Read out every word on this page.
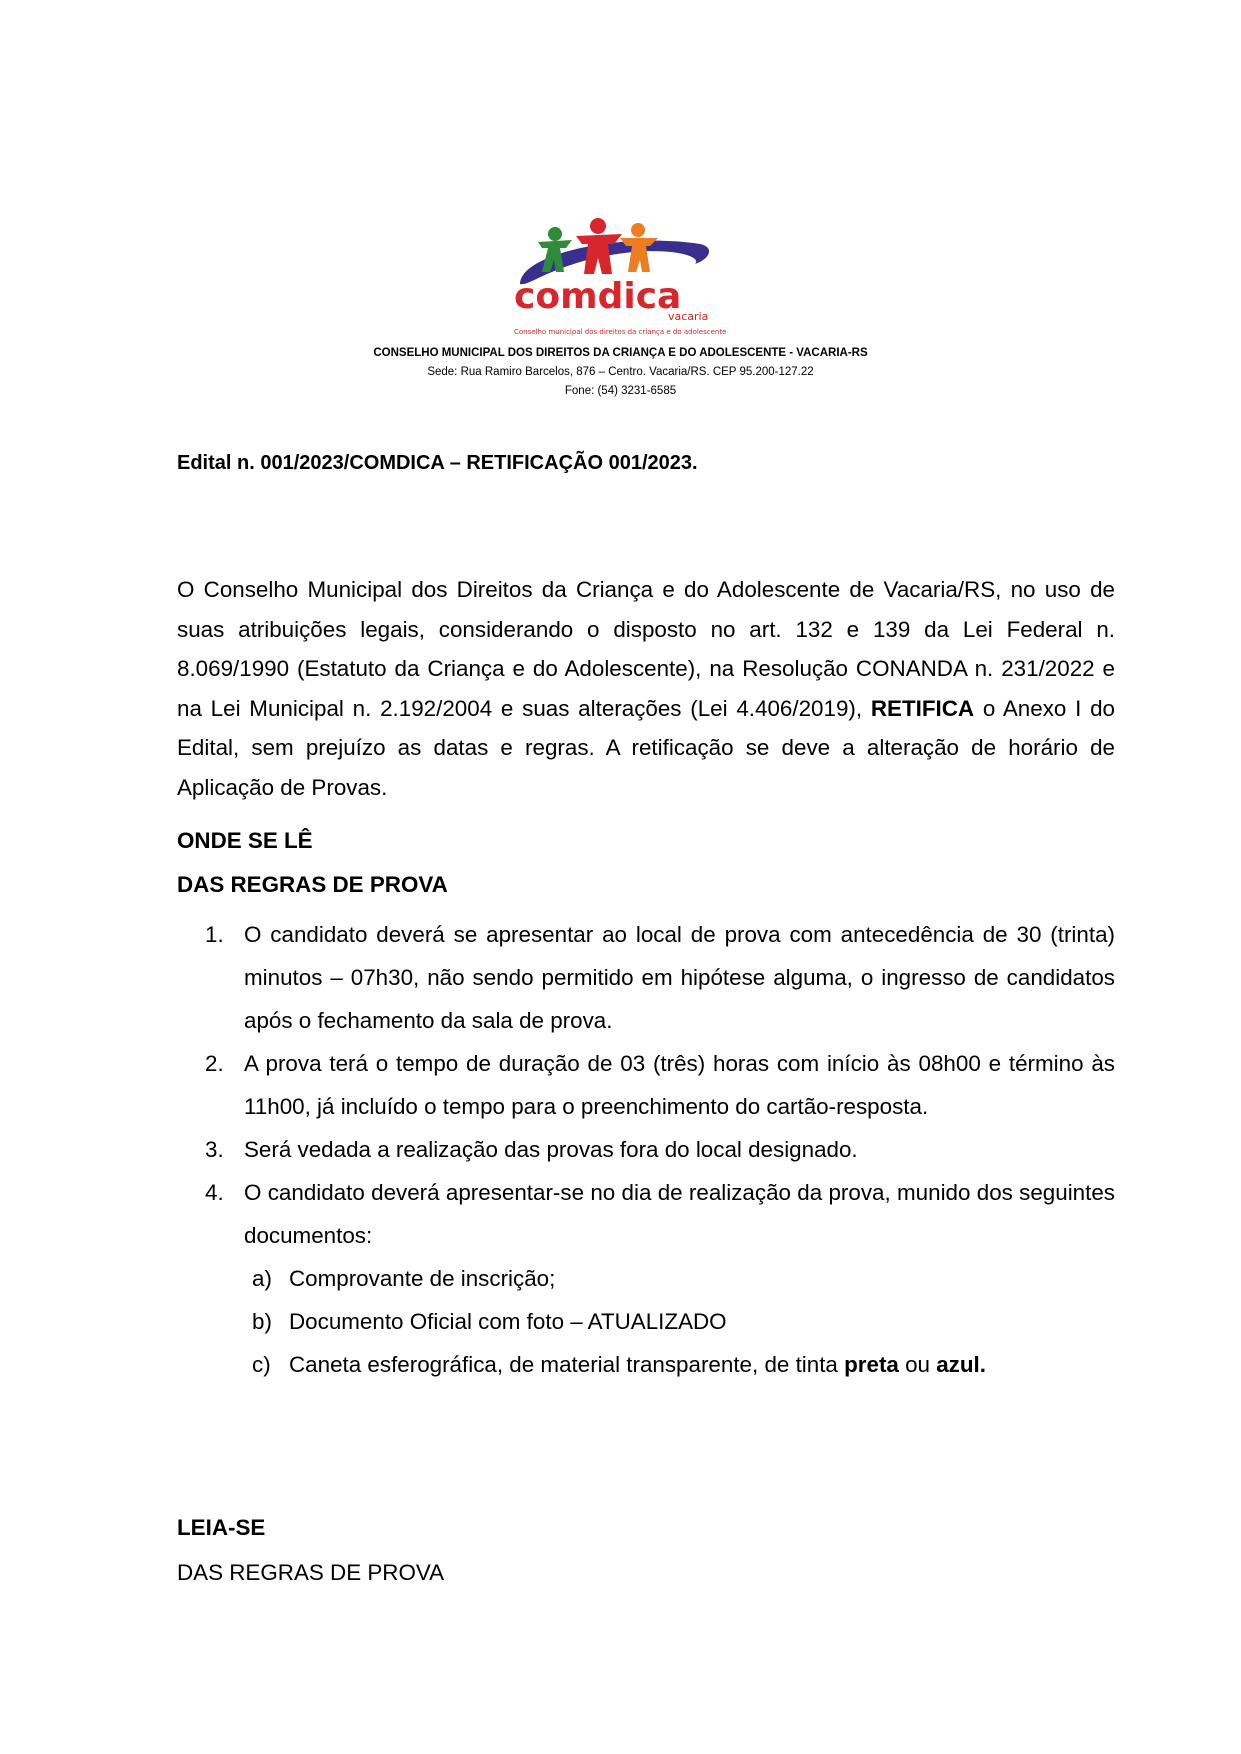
comdica
vacaria
Conselho municipal dos direitos da criança e do adolescente
CONSELHO MUNICIPAL DOS DIREITOS DA CRIANÇA E DO ADOLESCENTE - VACARIA-RS
Sede: Rua Ramiro Barcelos, 876 – Centro. Vacaria/RS. CEP 95.200-127.22
Fone: (54) 3231-6585
Edital n. 001/2023/COMDICA – RETIFICAÇÃO 001/2023.
O Conselho Municipal dos Direitos da Criança e do Adolescente de Vacaria/RS, no uso de suas atribuições legais, considerando o disposto no art. 132 e 139 da Lei Federal n. 8.069/1990 (Estatuto da Criança e do Adolescente), na Resolução CONANDA n. 231/2022 e na Lei Municipal n. 2.192/2004 e suas alterações (Lei 4.406/2019), RETIFICA o Anexo I do Edital, sem prejuízo as datas e regras. A retificação se deve a alteração de horário de Aplicação de Provas.
ONDE SE LÊ
DAS REGRAS DE PROVA
1. O candidato deverá se apresentar ao local de prova com antecedência de 30 (trinta) minutos – 07h30, não sendo permitido em hipótese alguma, o ingresso de candidatos após o fechamento da sala de prova.
2. A prova terá o tempo de duração de 03 (três) horas com início às 08h00 e término às 11h00, já incluído o tempo para o preenchimento do cartão-resposta.
3. Será vedada a realização das provas fora do local designado.
4. O candidato deverá apresentar-se no dia de realização da prova, munido dos seguintes documentos:
a) Comprovante de inscrição;
b) Documento Oficial com foto – ATUALIZADO
c) Caneta esferográfica, de material transparente, de tinta preta ou azul.
LEIA-SE
DAS REGRAS DE PROVA
